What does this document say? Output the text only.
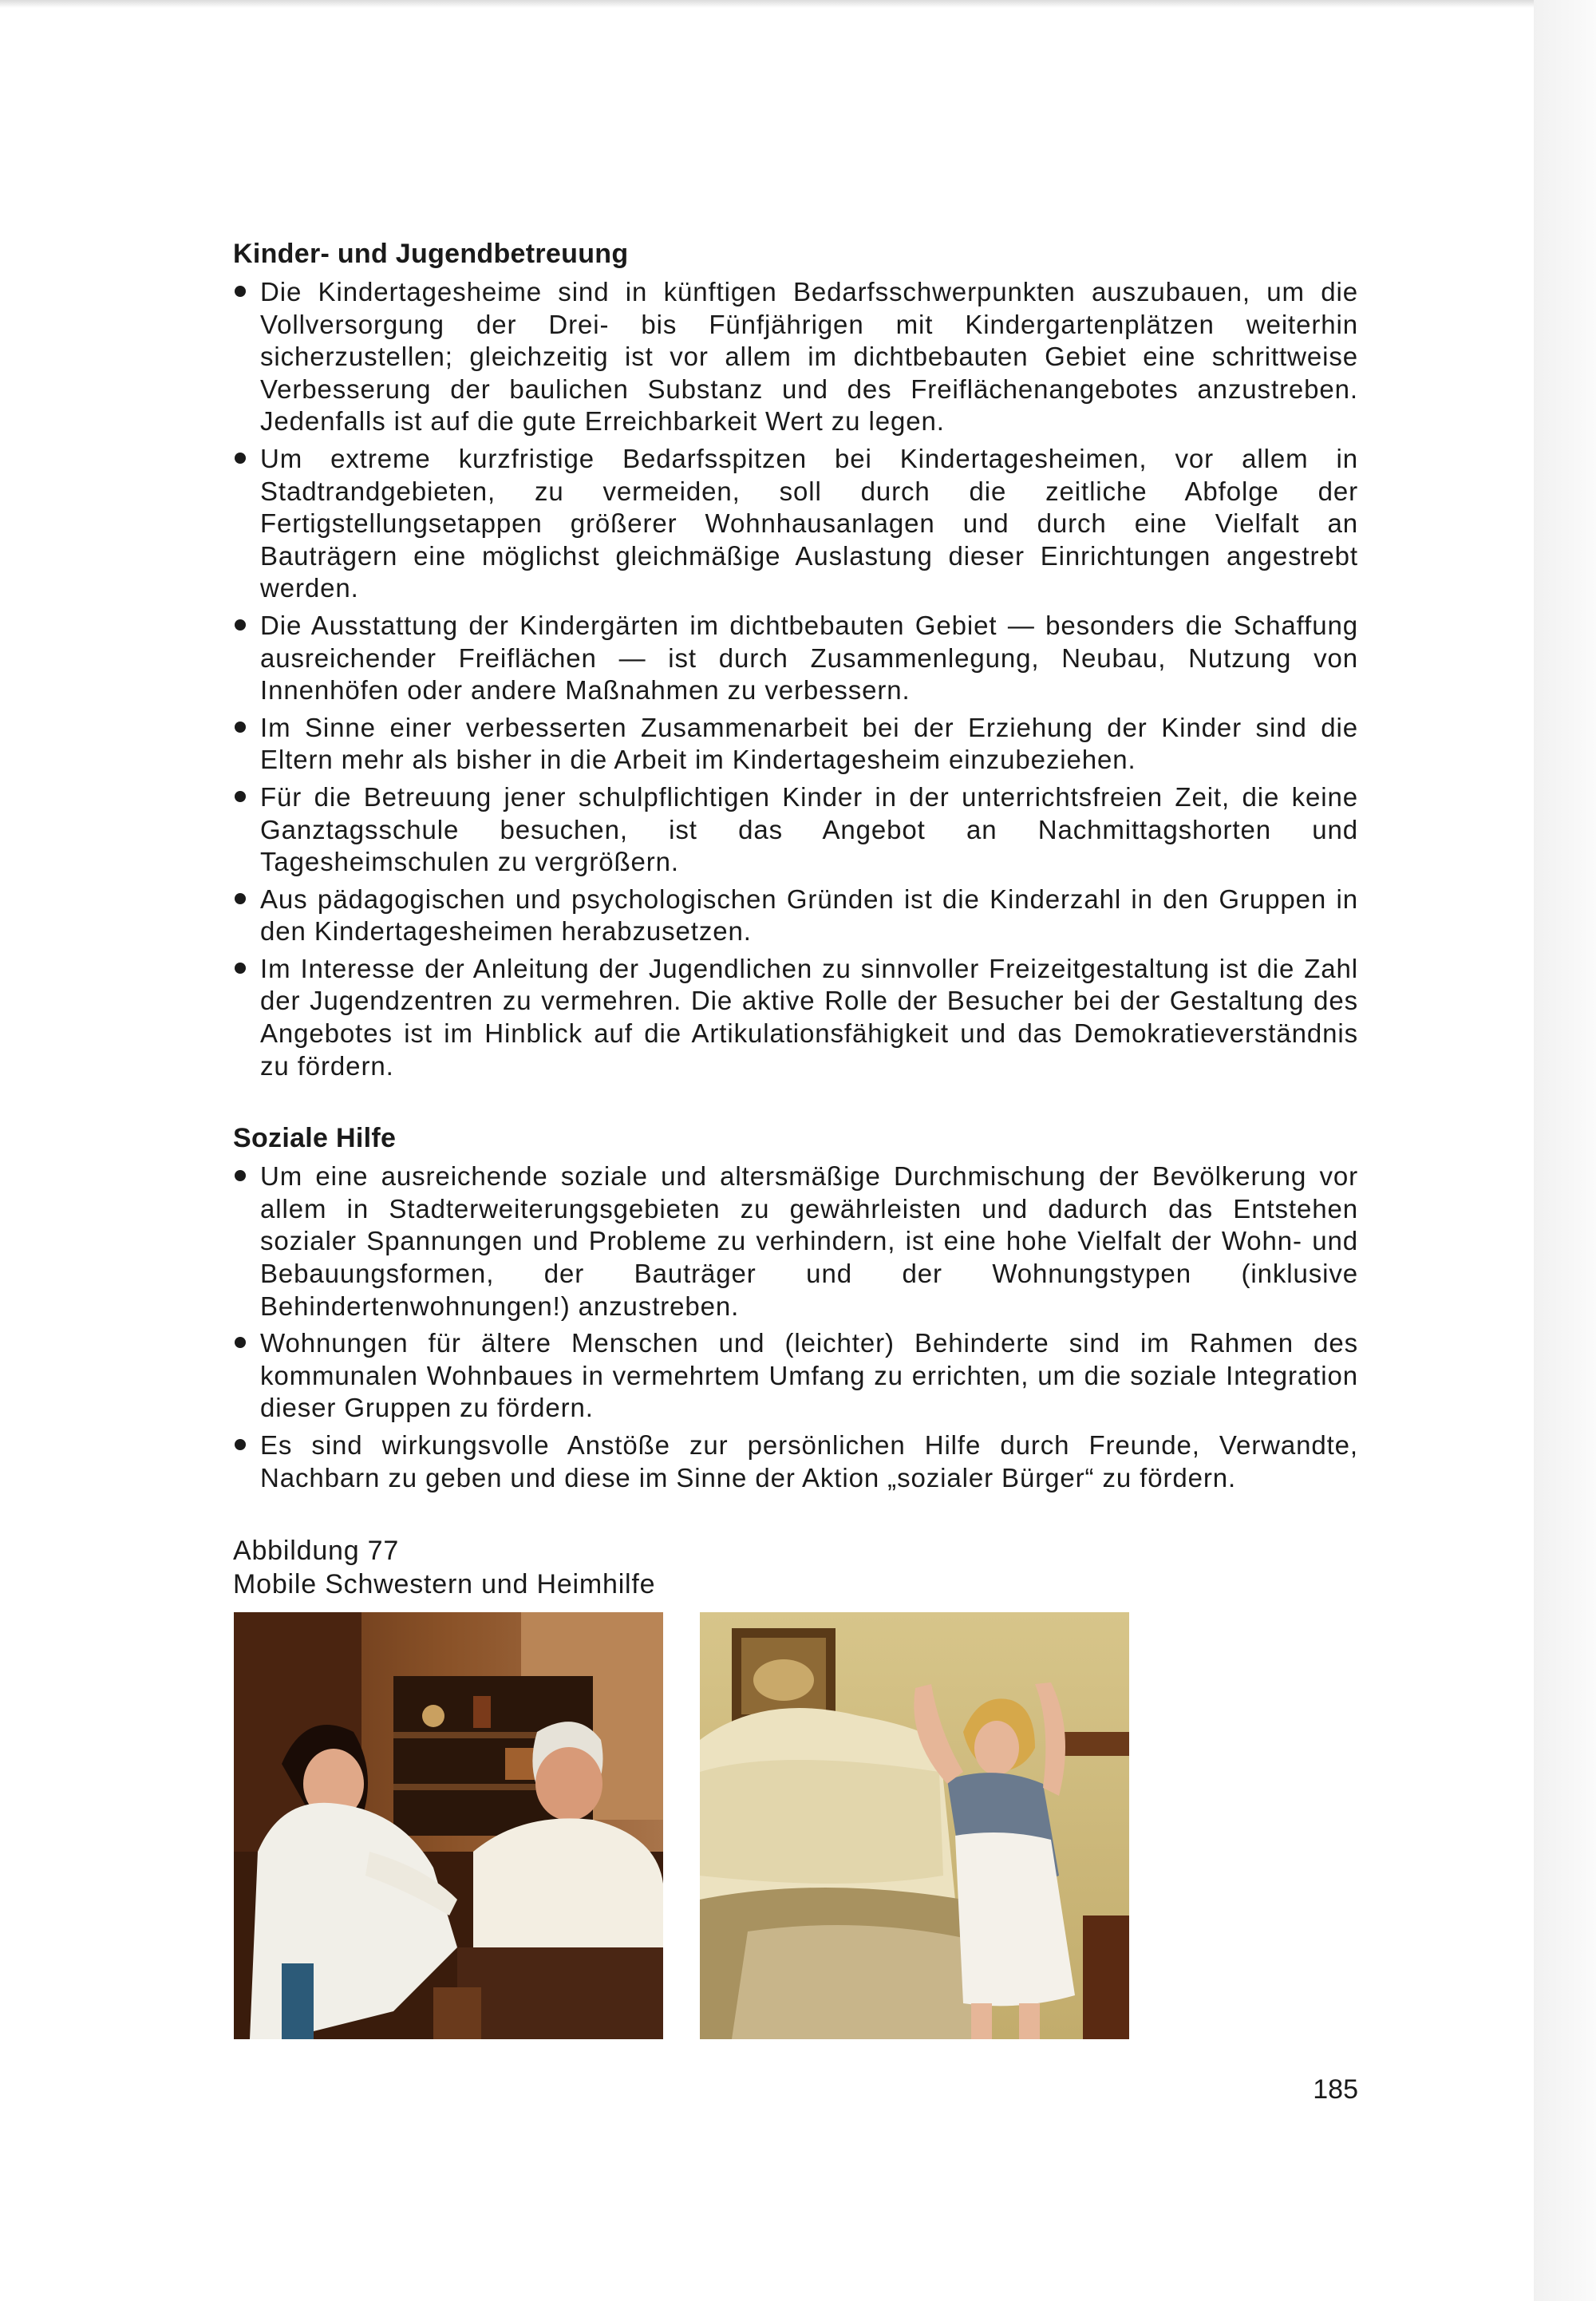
Kinder- und Jugendbetreuung
Die Kindertagesheime sind in künftigen Bedarfsschwerpunkten auszubauen, um die Vollversorgung der Drei- bis Fünfjährigen mit Kindergartenplätzen weiterhin sicherzustellen; gleichzeitig ist vor allem im dichtbebauten Gebiet eine schrittweise Verbesserung der baulichen Substanz und des Freiflächenangebotes anzustreben. Jedenfalls ist auf die gute Erreichbarkeit Wert zu legen.
Um extreme kurzfristige Bedarfsspitzen bei Kindertagesheimen, vor allem in Stadtrandgebieten, zu vermeiden, soll durch die zeitliche Abfolge der Fertigstellungsetappen größerer Wohnhausanlagen und durch eine Vielfalt an Bauträgern eine möglichst gleichmäßige Auslastung dieser Einrichtungen angestrebt werden.
Die Ausstattung der Kindergärten im dichtbebauten Gebiet — besonders die Schaffung ausreichender Freiflächen — ist durch Zusammenlegung, Neubau, Nutzung von Innenhöfen oder andere Maßnahmen zu verbessern.
Im Sinne einer verbesserten Zusammenarbeit bei der Erziehung der Kinder sind die Eltern mehr als bisher in die Arbeit im Kindertagesheim einzubeziehen.
Für die Betreuung jener schulpflichtigen Kinder in der unterrichtsfreien Zeit, die keine Ganztagsschule besuchen, ist das Angebot an Nachmittagshorten und Tagesheimschulen zu vergrößern.
Aus pädagogischen und psychologischen Gründen ist die Kinderzahl in den Gruppen in den Kindertagesheimen herabzusetzen.
Im Interesse der Anleitung der Jugendlichen zu sinnvoller Freizeitgestaltung ist die Zahl der Jugendzentren zu vermehren. Die aktive Rolle der Besucher bei der Gestaltung des Angebotes ist im Hinblick auf die Artikulationsfähigkeit und das Demokratieverständnis zu fördern.
Soziale Hilfe
Um eine ausreichende soziale und altersmäßige Durchmischung der Bevölkerung vor allem in Stadterweiterungsgebieten zu gewährleisten und dadurch das Entstehen sozialer Spannungen und Probleme zu verhindern, ist eine hohe Vielfalt der Wohn- und Bebauungsformen, der Bauträger und der Wohnungstypen (inklusive Behindertenwohnungen!) anzustreben.
Wohnungen für ältere Menschen und (leichter) Behinderte sind im Rahmen des kommunalen Wohnbaues in vermehrtem Umfang zu errichten, um die soziale Integration dieser Gruppen zu fördern.
Es sind wirkungsvolle Anstöße zur persönlichen Hilfe durch Freunde, Verwandte, Nachbarn zu geben und diese im Sinne der Aktion „sozialer Bürger“ zu fördern.
Abbildung 77
Mobile Schwestern und Heimhilfe
185
